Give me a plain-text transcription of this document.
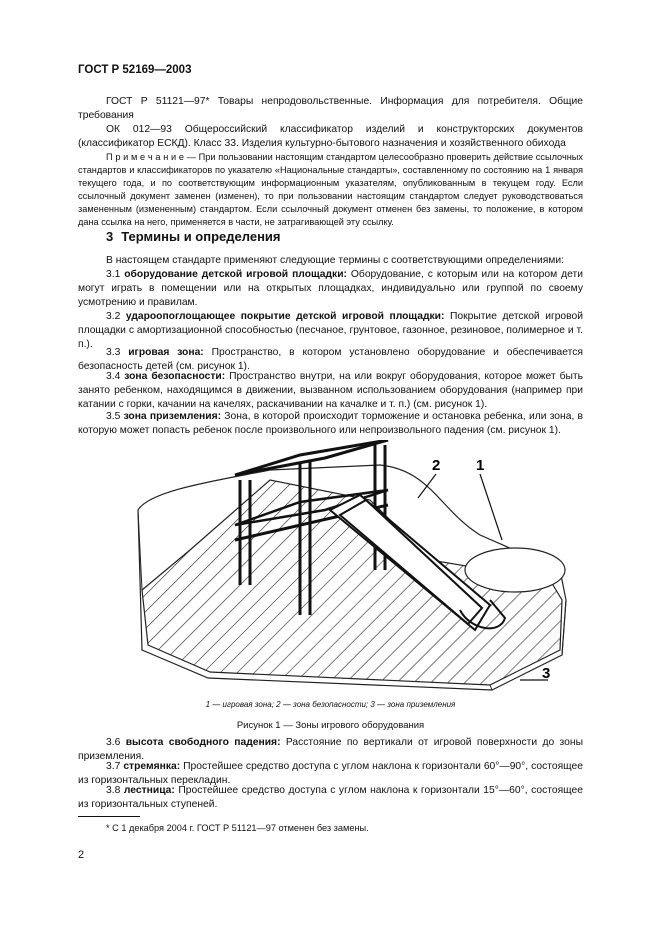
ГОСТ Р 52169—2003
ГОСТ Р 51121—97* Товары непродовольственные. Информация для потребителя. Общие требования
ОК 012—93 Общероссийский классификатор изделий и конструкторских документов (классификатор ЕСКД). Класс 33. Изделия культурно-бытового назначения и хозяйственного обихода
П р и м е ч а н и е — При пользовании настоящим стандартом целесообразно проверить действие ссылочных стандартов и классификаторов по указателю «Национальные стандарты», составленному по состоянию на 1 января текущего года, и по соответствующим информационным указателям, опубликованным в текущем году. Если ссылочный документ заменен (изменен), то при пользовании настоящим стандартом следует руководствоваться замененным (измененным) стандартом. Если ссылочный документ отменен без замены, то положение, в котором дана ссылка на него, применяется в части, не затрагивающей эту ссылку.
3 Термины и определения
В настоящем стандарте применяют следующие термины с соответствующими определениями:
3.1 оборудование детской игровой площадки: Оборудование, с которым или на котором дети могут играть в помещении или на открытых площадках, индивидуально или группой по своему усмотрению и правилам.
3.2 удароопоглощающее покрытие детской игровой площадки: Покрытие детской игровой площадки с амортизационной способностью (песчаное, грунтовое, газонное, резиновое, полимерное и т. п.).
3.3 игровая зона: Пространство, в котором установлено оборудование и обеспечивается безопасность детей (см. рисунок 1).
3.4 зона безопасности: Пространство внутри, на или вокруг оборудования, которое может быть занято ребенком, находящимся в движении, вызванном использованием оборудования (например при катании с горки, качании на качелях, раскачивании на качалке и т. п.) (см. рисунок 1).
3.5 зона приземления: Зона, в которой происходит торможение и остановка ребенка, или зона, в которую может попасть ребенок после произвольного или непроизвольного падения (см. рисунок 1).
2 1
3
1 — игровая зона; 2 — зона безопасности; 3 — зона приземления
Рисунок 1 — Зоны игрового оборудования
3.6 высота свободного падения: Расстояние по вертикали от игровой поверхности до зоны приземления.
3.7 стремянка: Простейшее средство доступа с углом наклона к горизонтали 60°—90°, состоящее из горизонтальных перекладин.
3.8 лестница: Простейшее средство доступа с углом наклона к горизонтали 15°—60°, состоящее из горизонтальных ступеней.
* С 1 декабря 2004 г. ГОСТ Р 51121—97 отменен без замены.
2
